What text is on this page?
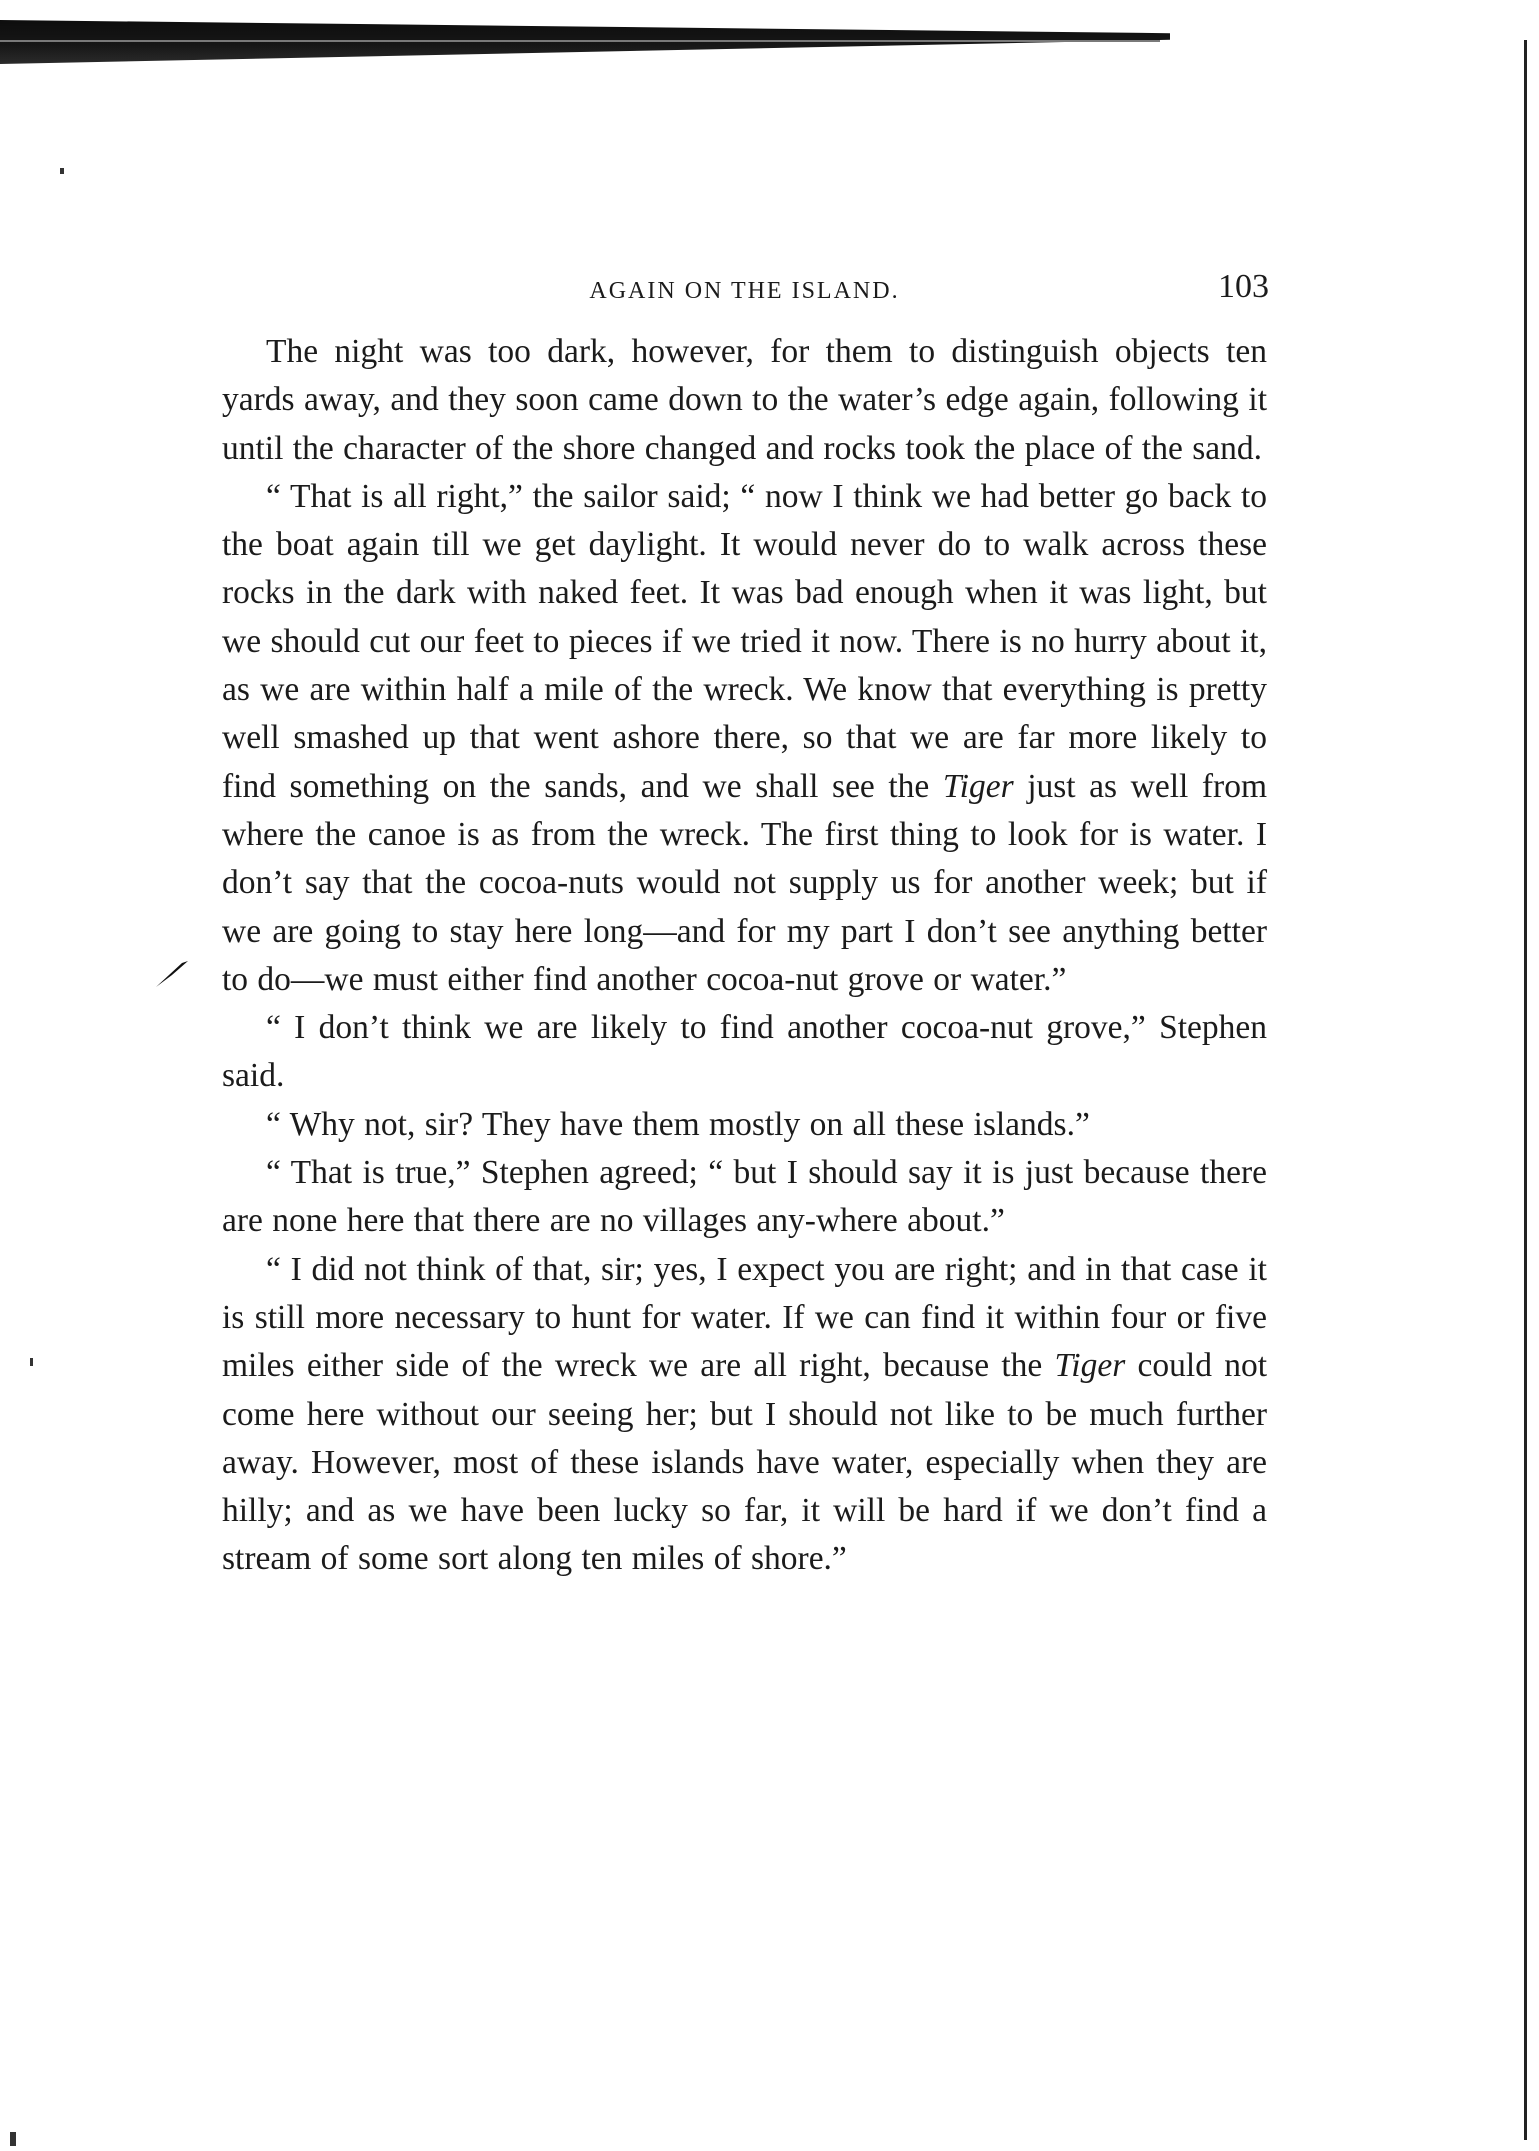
AGAIN ON THE ISLAND.	103

The night was too dark, however, for them to distinguish objects ten yards away, and they soon came down to the water’s edge again, following it until the character of the shore changed and rocks took the place of the sand.

“ That is all right,” the sailor said; “ now I think we had better go back to the boat again till we get daylight. It would never do to walk across these rocks in the dark with naked feet. It was bad enough when it was light, but we should cut our feet to pieces if we tried it now. There is no hurry about it, as we are within half a mile of the wreck. We know that everything is pretty well smashed up that went ashore there, so that we are far more likely to find something on the sands, and we shall see the Tiger just as well from where the canoe is as from the wreck. The first thing to look for is water. I don’t say that the cocoa-nuts would not supply us for another week; but if we are going to stay here long—and for my part I don’t see anything better to do—we must either find another cocoa-nut grove or water.”

“ I don’t think we are likely to find another cocoa-nut grove,” Stephen said.

“ Why not, sir? They have them mostly on all these islands.”

“ That is true,” Stephen agreed; “ but I should say it is just because there are none here that there are no villages any-where about.”

“ I did not think of that, sir; yes, I expect you are right; and in that case it is still more necessary to hunt for water. If we can find it within four or five miles either side of the wreck we are all right, because the Tiger could not come here without our seeing her; but I should not like to be much further away. However, most of these islands have water, especially when they are hilly; and as we have been lucky so far, it will be hard if we don’t find a stream of some sort along ten miles of shore.”
